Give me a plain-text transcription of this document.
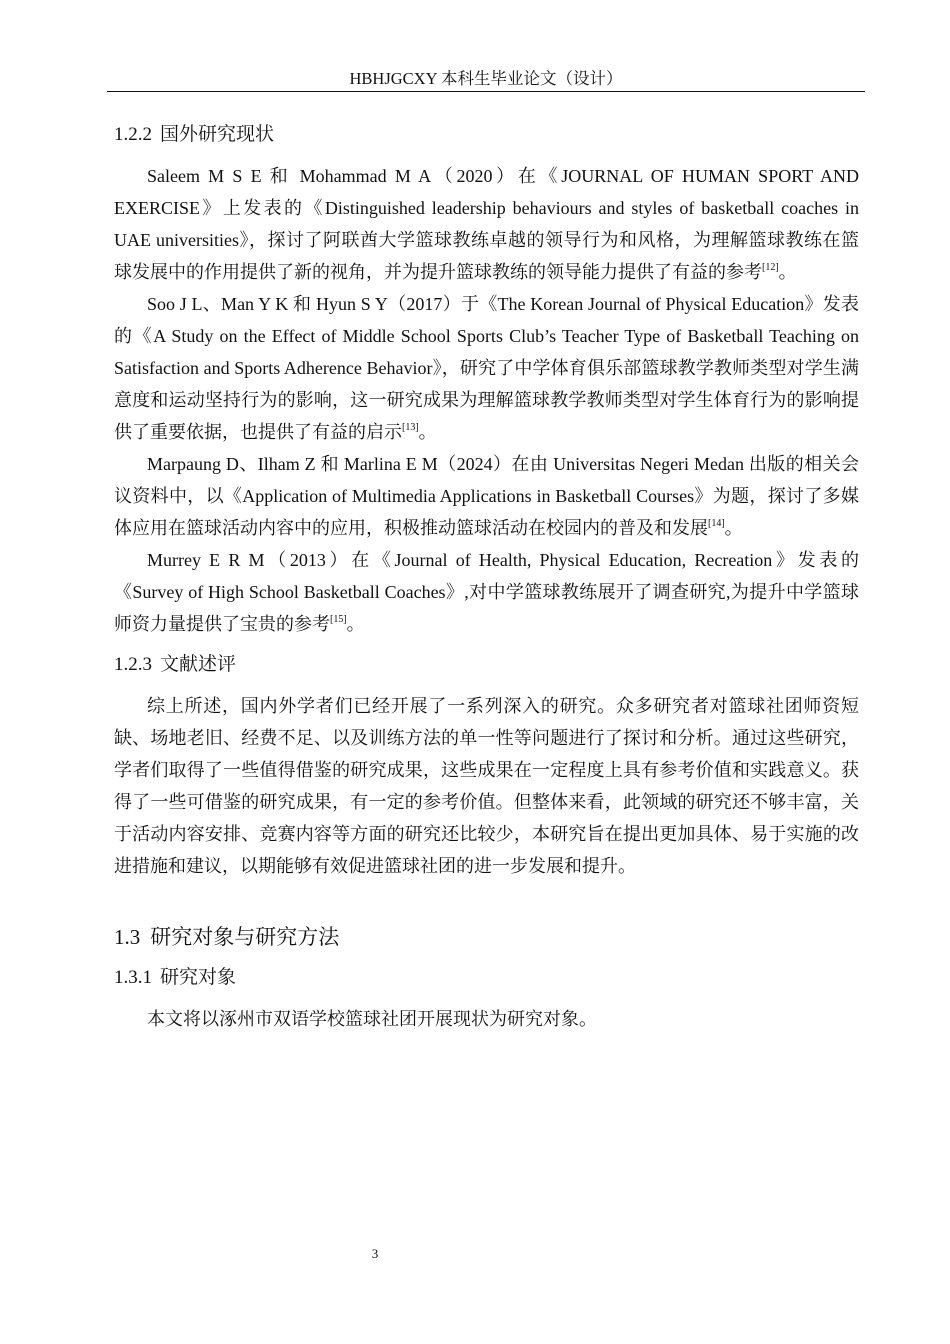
HBHJGCXY 本科生毕业论文（设计）
1.2.2 国外研究现状

Saleem M S E 和 Mohammad M A（2020）在《JOURNAL OF HUMAN SPORT AND EXERCISE》上发表的《Distinguished leadership behaviours and styles of basketball coaches in UAE universities》，探讨了阿联酋大学篮球教练卓越的领导行为和风格，为理解篮球教练在篮球发展中的作用提供了新的视角，并为提升篮球教练的领导能力提供了有益的参考[12]。

Soo J L、Man Y K 和 Hyun S Y（2017）于《The Korean Journal of Physical Education》发表的《A Study on the Effect of Middle School Sports Club’s Teacher Type of Basketball Teaching on Satisfaction and Sports Adherence Behavior》，研究了中学体育俱乐部篮球教学教师类型对学生满意度和运动坚持行为的影响，这一研究成果为理解篮球教学教师类型对学生体育行为的影响提供了重要依据，也提供了有益的启示[13]。

Marpaung D、Ilham Z 和 Marlina E M（2024）在由 Universitas Negeri Medan 出版的相关会议资料中，以《Application of Multimedia Applications in Basketball Courses》为题，探讨了多媒体应用在篮球活动内容中的应用，积极推动篮球活动在校园内的普及和发展[14]。

Murrey E R M（2013）在《Journal of Health, Physical Education, Recreation》发表的《Survey of High School Basketball Coaches》,对中学篮球教练展开了调查研究,为提升中学篮球师资力量提供了宝贵的参考[15]。

1.2.3 文献述评

综上所述，国内外学者们已经开展了一系列深入的研究。众多研究者对篮球社团师资短缺、场地老旧、经费不足、以及训练方法的单一性等问题进行了探讨和分析。通过这些研究，学者们取得了一些值得借鉴的研究成果，这些成果在一定程度上具有参考价值和实践意义。获得了一些可借鉴的研究成果，有一定的参考价值。但整体来看，此领域的研究还不够丰富，关于活动内容安排、竞赛内容等方面的研究还比较少，本研究旨在提出更加具体、易于实施的改进措施和建议，以期能够有效促进篮球社团的进一步发展和提升。

1.3 研究对象与研究方法
1.3.1 研究对象

本文将以涿州市双语学校篮球社团开展现状为研究对象。

3
